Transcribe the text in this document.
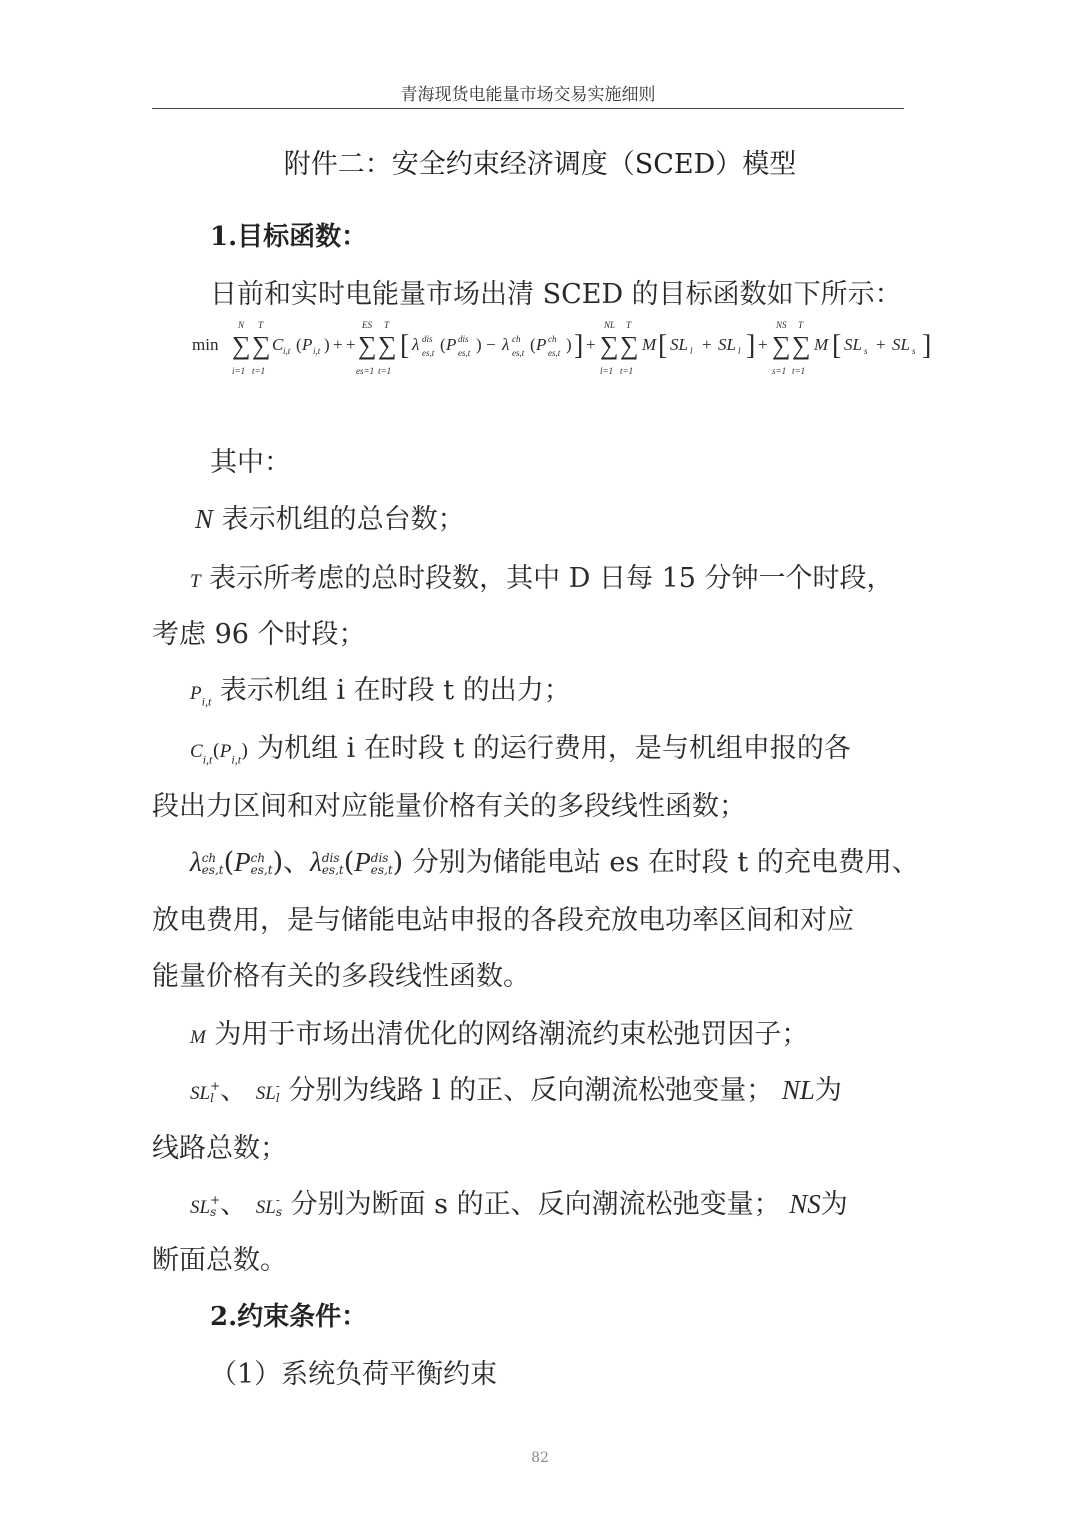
青海现货电能量市场交易实施细则
附件二：安全约束经济调度（SCED）模型
1.目标函数：
日前和实时电能量市场出清 SCED 的目标函数如下所示：
min ∑
N
i=1
∑
T
t=1
C i,t ( P i,t ) + + ∑
ES
es=1
∑
T
t=1
[ λ dis
es,t ( P dis
es,t ) − λ ch
es,t ( P ch
es,t ) ] + ∑
NL
l=1
∑
T
t=1
M [ SL l + SL l ] + ∑
NS
s=1
∑
T
t=1
M [ SL s + SL s ]
其中：
N 表示机组的总台数；
T 表示所考虑的总时段数，其中 D 日每 15 分钟一个时段，
考虑 96 个时段；
$P_{i,t}$ 表示机组 i 在时段 t 的出力；
$C_{i,t}(P_{i,t})$ 为机组 i 在时段 t 的运行费用，是与机组申报的各
段出力区间和对应能量价格有关的多段线性函数；
λch
es,t(Pch
es,t)、λdis
es,t(Pdis
es,t) 分别为储能电站 es 在时段 t 的充电费用、
放电费用，是与储能电站申报的各段充放电功率区间和对应
能量价格有关的多段线性函数。
M 为用于市场出清优化的网络潮流约束松弛罚因子；
SL+
l 、 SL-
l 分别为线路 l 的正、反向潮流松弛变量； NL为
线路总数；
SL+
s 、 SL-
s 分别为断面 s 的正、反向潮流松弛变量； NS为
断面总数。
2.约束条件：
（1）系统负荷平衡约束
82
